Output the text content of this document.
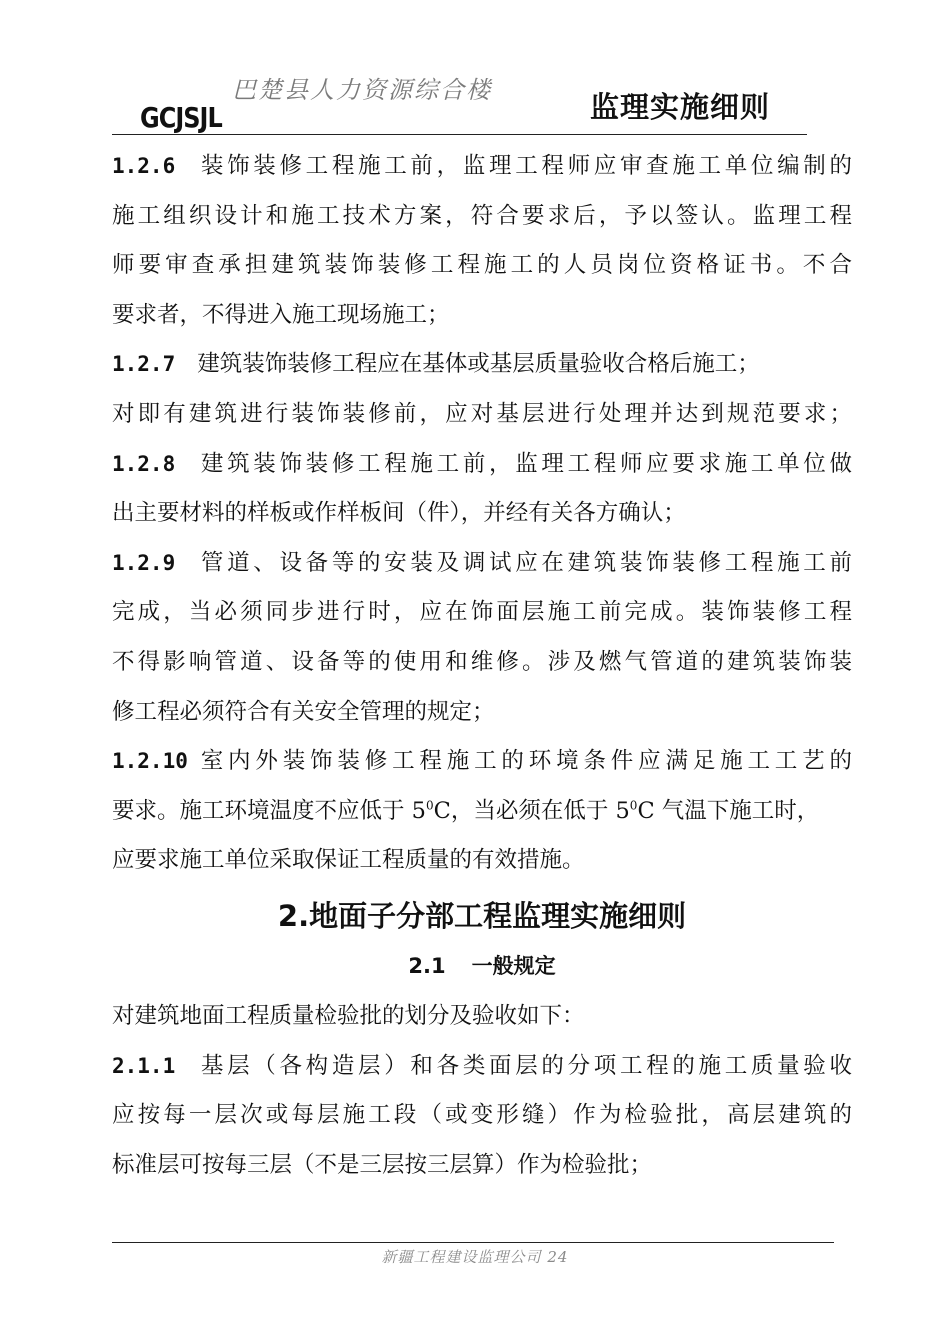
巴楚县人力资源综合楼
GCJSJL	监理实施细则
1.2.6 装饰装修工程施工前，监理工程师应审查施工单位编制的
施工组织设计和施工技术方案，符合要求后，予以签认。监理工程
师要审查承担建筑装饰装修工程施工的人员岗位资格证书。不合
要求者，不得进入施工现场施工；
1.2.7 建筑装饰装修工程应在基体或基层质量验收合格后施工；
对即有建筑进行装饰装修前，应对基层进行处理并达到规范要求；
1.2.8 建筑装饰装修工程施工前，监理工程师应要求施工单位做
出主要材料的样板或作样板间（件），并经有关各方确认；
1.2.9 管道、设备等的安装及调试应在建筑装饰装修工程施工前
完成，当必须同步进行时，应在饰面层施工前完成。装饰装修工程
不得影响管道、设备等的使用和维修。涉及燃气管道的建筑装饰装
修工程必须符合有关安全管理的规定；
1.2.10 室内外装饰装修工程施工的环境条件应满足施工工艺的
要求。施工环境温度不应低于 $5^0C$，当必须在低于 $5^0C$ 气温下施工时，
应要求施工单位采取保证工程质量的有效措施。
2.地面子分部工程监理实施细则
2.1 一般规定
对建筑地面工程质量检验批的划分及验收如下：
2.1.1 基层（各构造层）和各类面层的分项工程的施工质量验收
应按每一层次或每层施工段（或变形缝）作为检验批，高层建筑的
标准层可按每三层（不是三层按三层算）作为检验批；
新疆工程建设监理公司 24
